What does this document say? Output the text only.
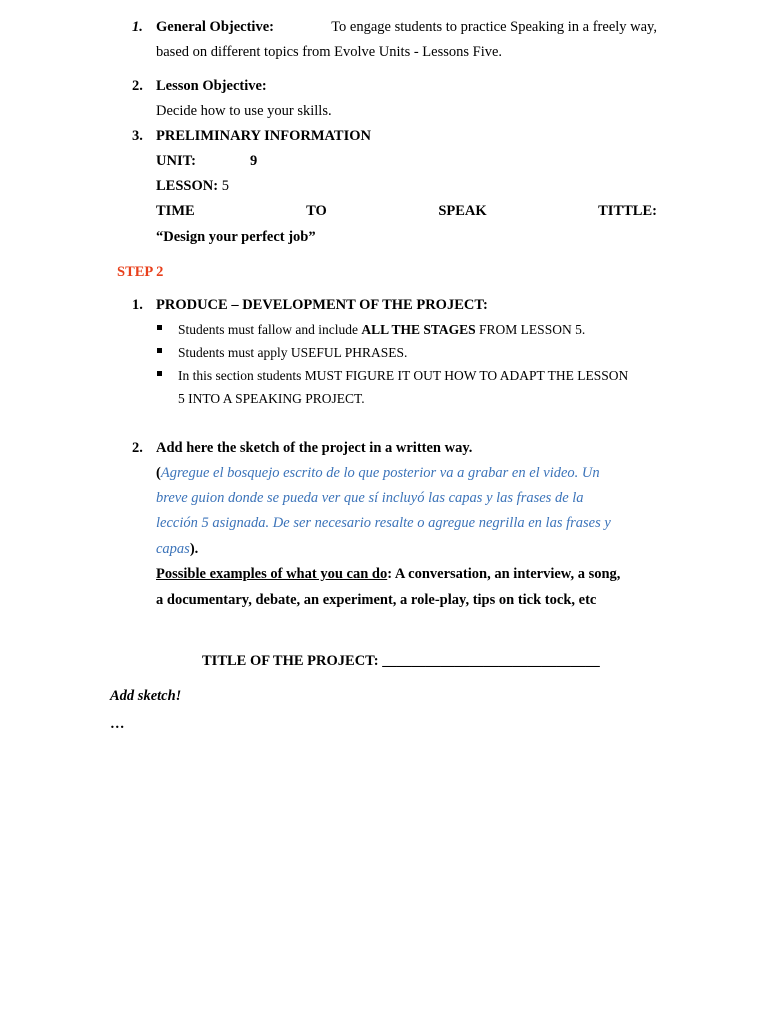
1. General Objective:	To engage students to practice Speaking in a freely way,
based on different topics from Evolve Units - Lessons Five.
2. Lesson Objective:
Decide how to use your skills.
3. PRELIMINARY INFORMATION
UNIT:	9
LESSON: 5
TIME	TO	SPEAK	TITTLE:
“Design your perfect job”
STEP 2
1. PRODUCE – DEVELOPMENT OF THE PROJECT:
Students must fallow and include ALL THE STAGES FROM LESSON 5.
Students must apply USEFUL PHRASES.
In this section students MUST FIGURE IT OUT HOW TO ADAPT THE LESSON
5 INTO A SPEAKING PROJECT.
2. Add here the sketch of the project in a written way.
(Agregue el bosquejo escrito de lo que posterior va a grabar en el video. Un
breve guion donde se pueda ver que sí incluyó las capas y las frases de la
lección 5 asignada. De ser necesario resalte o agregue negrilla en las frases y
capas).
Possible examples of what you can do: A conversation, an interview, a song,
a documentary, debate, an experiment, a role-play, tips on tick tock, etc
TITLE OF THE PROJECT: ______________________________
Add sketch!
…
